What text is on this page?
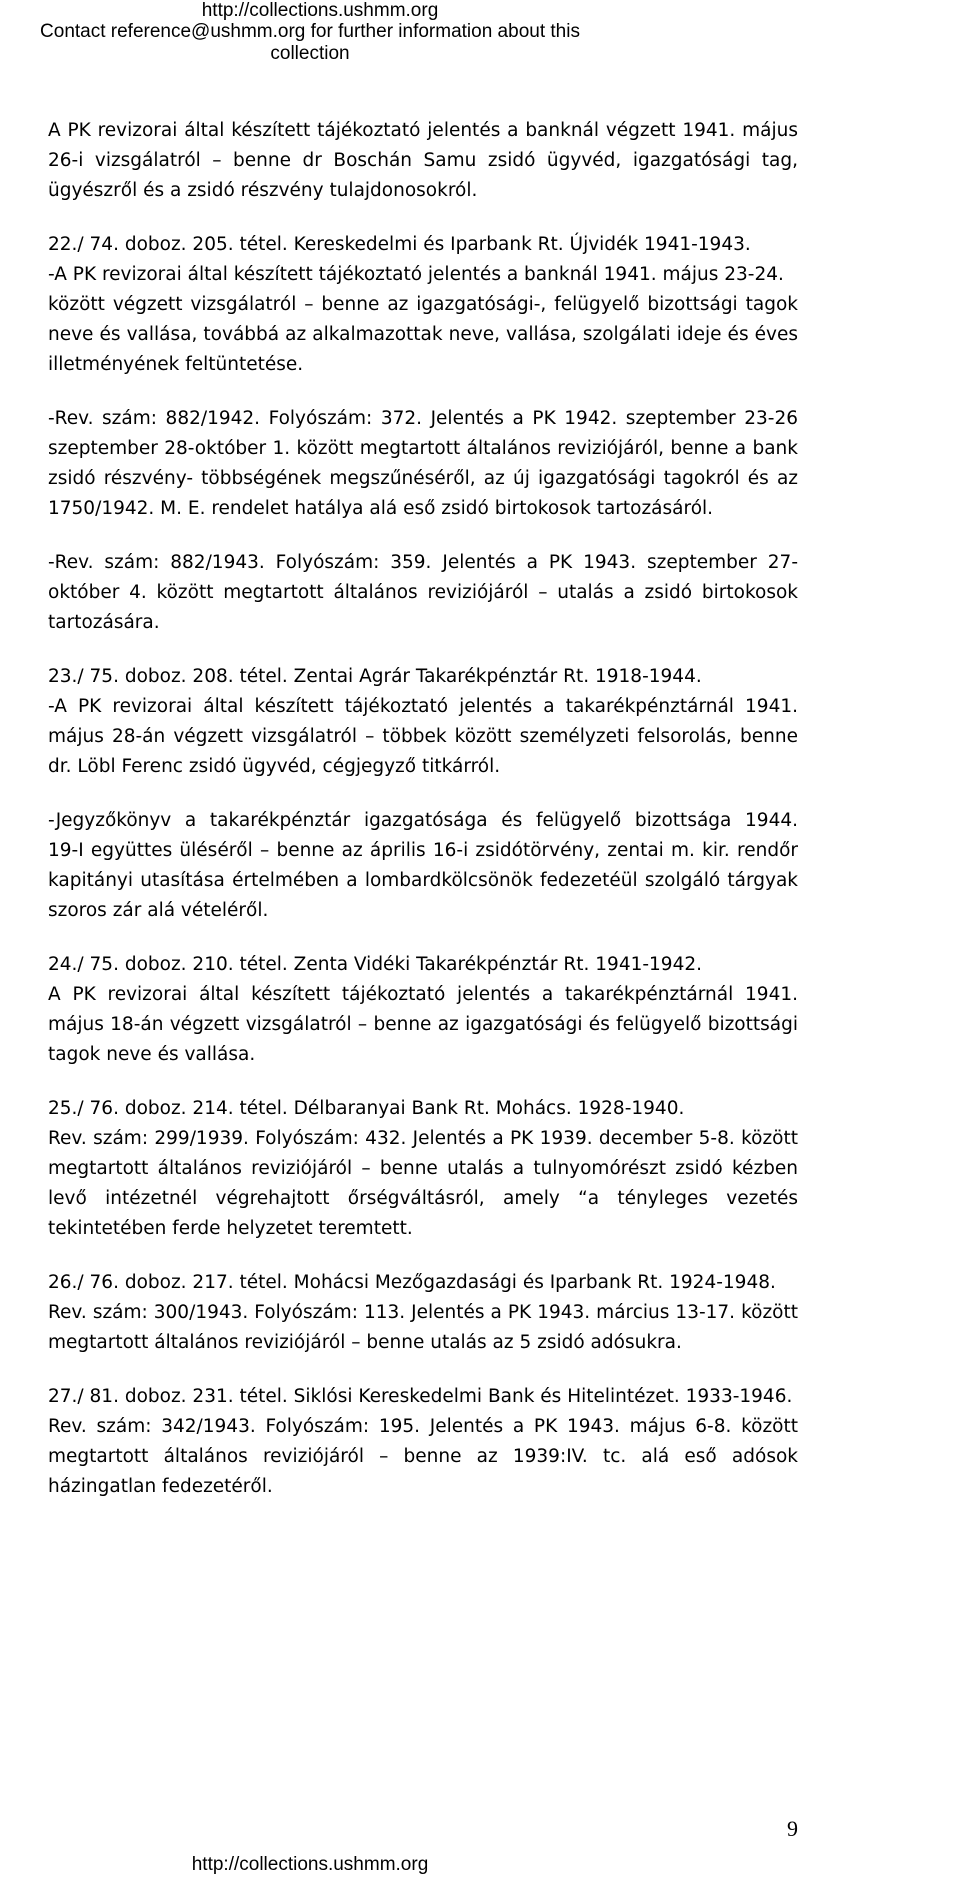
http://collections.ushmm.org
Contact reference@ushmm.org for further information about this collection
A PK revizorai által készített tájékoztató jelentés a banknál végzett 1941. május
26-i vizsgálatról – benne dr Boschán Samu zsidó ügyvéd, igazgatósági tag,
ügyészről és a zsidó részvény tulajdonosokról.
22./ 74. doboz. 205. tétel. Kereskedelmi és Iparbank Rt. Újvidék 1941-1943.
-A PK revizorai által készített tájékoztató jelentés a banknál 1941. május 23-24.
között végzett vizsgálatról – benne az igazgatósági-, felügyelő bizottsági tagok
neve és vallása, továbbá az alkalmazottak neve, vallása, szolgálati ideje és éves
illetményének feltüntetése.
-Rev. szám: 882/1942. Folyószám: 372. Jelentés a PK 1942. szeptember 23-26
szeptember 28-október 1. között megtartott általános reviziójáról, benne a bank
zsidó részvény- többségének megszűnéséről, az új igazgatósági tagokról és az
1750/1942. M. E. rendelet hatálya alá eső zsidó birtokosok tartozásáról.
-Rev. szám: 882/1943. Folyószám: 359. Jelentés a PK 1943. szeptember 27-
október 4. között megtartott általános reviziójáról – utalás a zsidó birtokosok
tartozására.
23./ 75. doboz. 208. tétel. Zentai Agrár Takarékpénztár Rt. 1918-1944.
-A PK revizorai által készített tájékoztató jelentés a takarékpénztárnál 1941.
május 28-án végzett vizsgálatról – többek között személyzeti felsorolás, benne
dr. Löbl Ferenc zsidó ügyvéd, cégjegyző titkárról.
-Jegyzőkönyv a takarékpénztár igazgatósága és felügyelő bizottsága 1944.
19-I együttes üléséről – benne az április 16-i zsidótörvény, zentai m. kir. rendőr
kapitányi utasítása értelmében a lombardkölcsönök fedezetéül szolgáló tárgyak
szoros zár alá vételéről.
24./ 75. doboz. 210. tétel. Zenta Vidéki Takarékpénztár Rt. 1941-1942.
A PK revizorai által készített tájékoztató jelentés a takarékpénztárnál 1941.
május 18-án végzett vizsgálatról – benne az igazgatósági és felügyelő bizottsági
tagok neve és vallása.
25./ 76. doboz. 214. tétel. Délbaranyai Bank Rt. Mohács. 1928-1940.
Rev. szám: 299/1939. Folyószám: 432. Jelentés a PK 1939. december 5-8. között
megtartott általános reviziójáról – benne utalás a tulnyomórészt zsidó kézben
levő intézetnél végrehajtott őrségváltásról, amely “a tényleges vezetés
tekintetében ferde helyzetet teremtett.
26./ 76. doboz. 217. tétel. Mohácsi Mezőgazdasági és Iparbank Rt. 1924-1948.
Rev. szám: 300/1943. Folyószám: 113. Jelentés a PK 1943. március 13-17. között
megtartott általános reviziójáról – benne utalás az 5 zsidó adósukra.
27./ 81. doboz. 231. tétel. Siklósi Kereskedelmi Bank és Hitelintézet. 1933-1946.
Rev. szám: 342/1943. Folyószám: 195. Jelentés a PK 1943. május 6-8. között
megtartott általános reviziójáról – benne az 1939:IV. tc. alá eső adósok
házingatlan fedezetéről.
9
http://collections.ushmm.org
